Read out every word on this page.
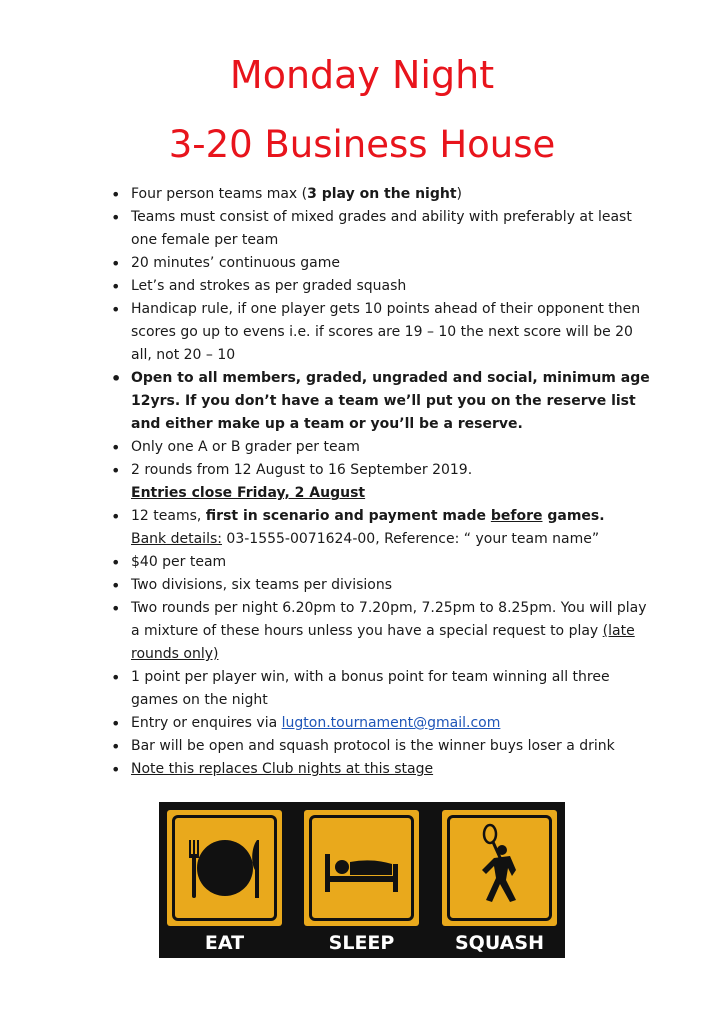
Monday Night
3-20 Business House
• Four person teams max (3 play on the night)
• Teams must consist of mixed grades and ability with preferably at least one female per team
• 20 minutes’ continuous game
• Let’s and strokes as per graded squash
• Handicap rule, if one player gets 10 points ahead of their opponent then scores go up to evens i.e. if scores are 19 – 10 the next score will be 20 all, not 20 – 10
• Open to all members, graded, ungraded and social, minimum age 12yrs. If you don’t have a team we’ll put you on the reserve list and either make up a team or you’ll be a reserve.
• Only one A or B grader per team
• 2 rounds from 12 August to 16 September 2019.
Entries close Friday, 2 August
• 12 teams, first in scenario and payment made before games.
Bank details: 03-1555-0071624-00, Reference: “ your team name”
• $40 per team
• Two divisions, six teams per divisions
• Two rounds per night 6.20pm to 7.20pm, 7.25pm to 8.25pm. You will play a mixture of these hours unless you have a special request to play (late rounds only)
• 1 point per player win, with a bonus point for team winning all three games on the night
• Entry or enquires via lugton.tournament@gmail.com
• Bar will be open and squash protocol is the winner buys loser a drink
• Note this replaces Club nights at this stage
EAT	SLEEP	SQUASH
